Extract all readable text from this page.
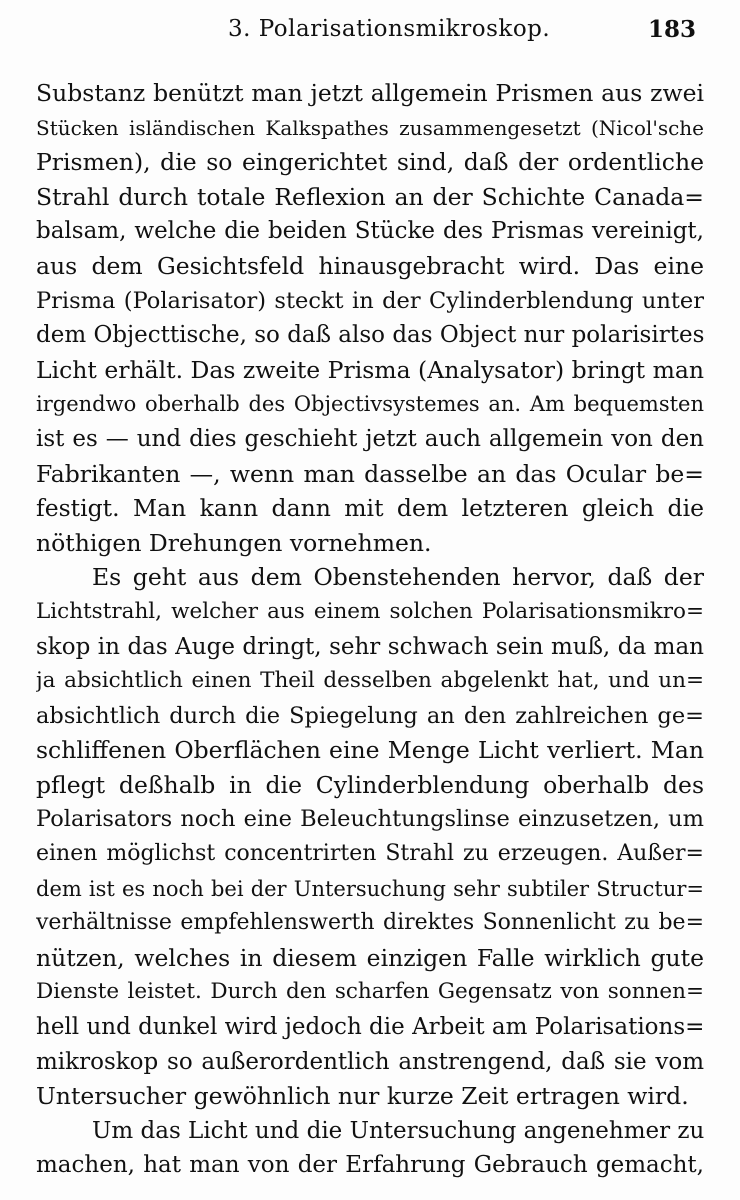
3. Polarisationsmikroskop.	183
Substanz benützt man jetzt allgemein Prismen aus zwei
Stücken isländischen Kalkspathes zusammengesetzt (Nicol'sche
Prismen), die so eingerichtet sind, daß der ordentliche
Strahl durch totale Reflexion an der Schichte Canada=
balsam, welche die beiden Stücke des Prismas vereinigt,
aus dem Gesichtsfeld hinausgebracht wird. Das eine
Prisma (Polarisator) steckt in der Cylinderblendung unter
dem Objecttische, so daß also das Object nur polarisirtes
Licht erhält. Das zweite Prisma (Analysator) bringt man
irgendwo oberhalb des Objectivsystemes an. Am bequemsten
ist es — und dies geschieht jetzt auch allgemein von den
Fabrikanten —, wenn man dasselbe an das Ocular be=
festigt. Man kann dann mit dem letzteren gleich die
nöthigen Drehungen vornehmen.
Es geht aus dem Obenstehenden hervor, daß der
Lichtstrahl, welcher aus einem solchen Polarisationsmikro=
skop in das Auge dringt, sehr schwach sein muß, da man
ja absichtlich einen Theil desselben abgelenkt hat, und un=
absichtlich durch die Spiegelung an den zahlreichen ge=
schliffenen Oberflächen eine Menge Licht verliert. Man
pflegt deßhalb in die Cylinderblendung oberhalb des
Polarisators noch eine Beleuchtungslinse einzusetzen, um
einen möglichst concentrirten Strahl zu erzeugen. Außer=
dem ist es noch bei der Untersuchung sehr subtiler Structur=
verhältnisse empfehlenswerth direktes Sonnenlicht zu be=
nützen, welches in diesem einzigen Falle wirklich gute
Dienste leistet. Durch den scharfen Gegensatz von sonnen=
hell und dunkel wird jedoch die Arbeit am Polarisations=
mikroskop so außerordentlich anstrengend, daß sie vom
Untersucher gewöhnlich nur kurze Zeit ertragen wird.
Um das Licht und die Untersuchung angenehmer zu
machen, hat man von der Erfahrung Gebrauch gemacht,
